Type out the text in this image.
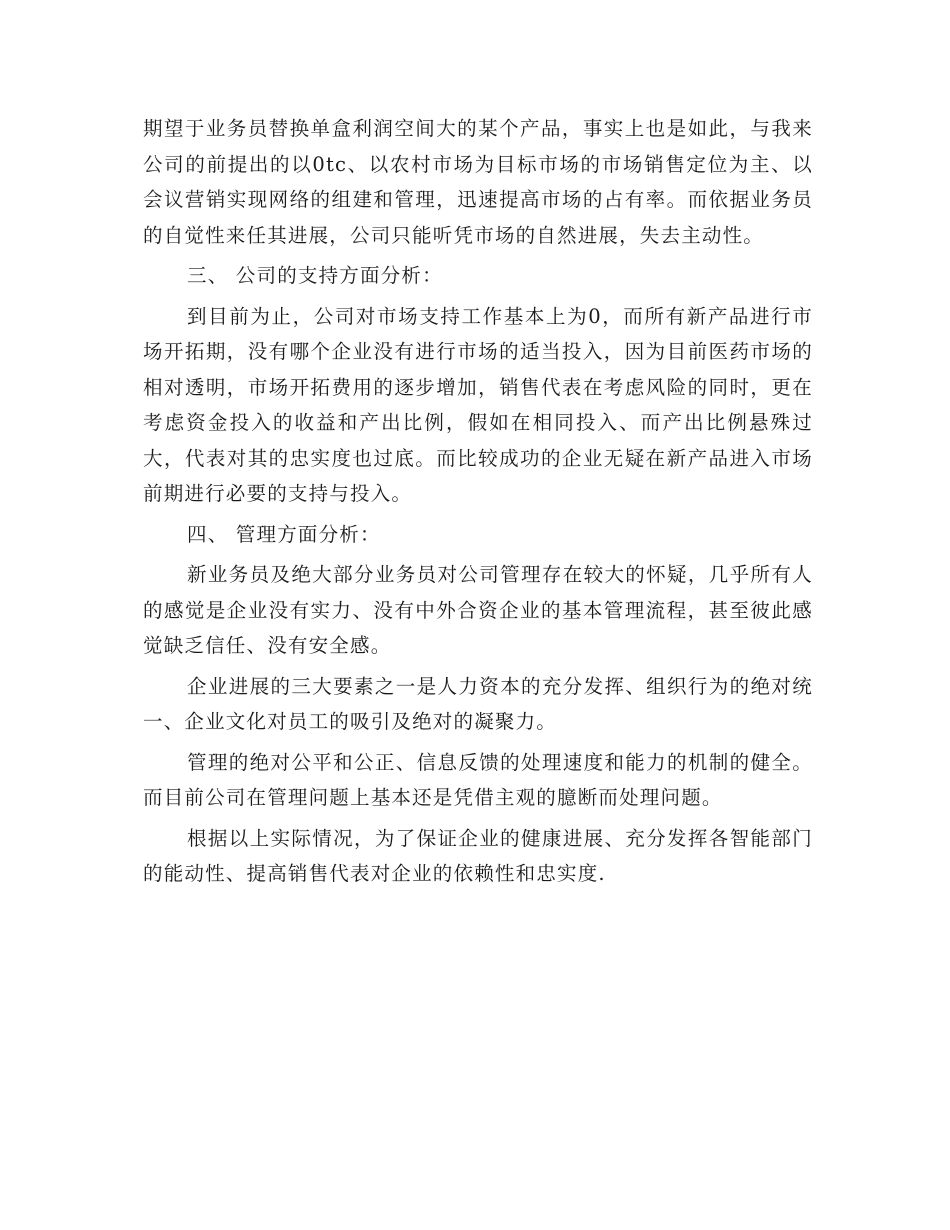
期望于业务员替换单盒利润空间大的某个产品，事实上也是如此，与我来公司的前提出的以0tc、以农村市场为目标市场的市场销售定位为主、以会议营销实现网络的组建和管理，迅速提高市场的占有率。而依据业务员的自觉性来任其进展，公司只能听凭市场的自然进展，失去主动性。

三、 公司的支持方面分析：

到目前为止，公司对市场支持工作基本上为0，而所有新产品进行市场开拓期，没有哪个企业没有进行市场的适当投入，因为目前医药市场的相对透明，市场开拓费用的逐步增加，销售代表在考虑风险的同时，更在考虑资金投入的收益和产出比例，假如在相同投入、而产出比例悬殊过大，代表对其的忠实度也过底。而比较成功的企业无疑在新产品进入市场前期进行必要的支持与投入。

四、 管理方面分析：

新业务员及绝大部分业务员对公司管理存在较大的怀疑，几乎所有人的感觉是企业没有实力、没有中外合资企业的基本管理流程，甚至彼此感觉缺乏信任、没有安全感。

企业进展的三大要素之一是人力资本的充分发挥、组织行为的绝对统一、企业文化对员工的吸引及绝对的凝聚力。

管理的绝对公平和公正、信息反馈的处理速度和能力的机制的健全。而目前公司在管理问题上基本还是凭借主观的臆断而处理问题。

根据以上实际情况，为了保证企业的健康进展、充分发挥各智能部门的能动性、提高销售代表对企业的依赖性和忠实度.
